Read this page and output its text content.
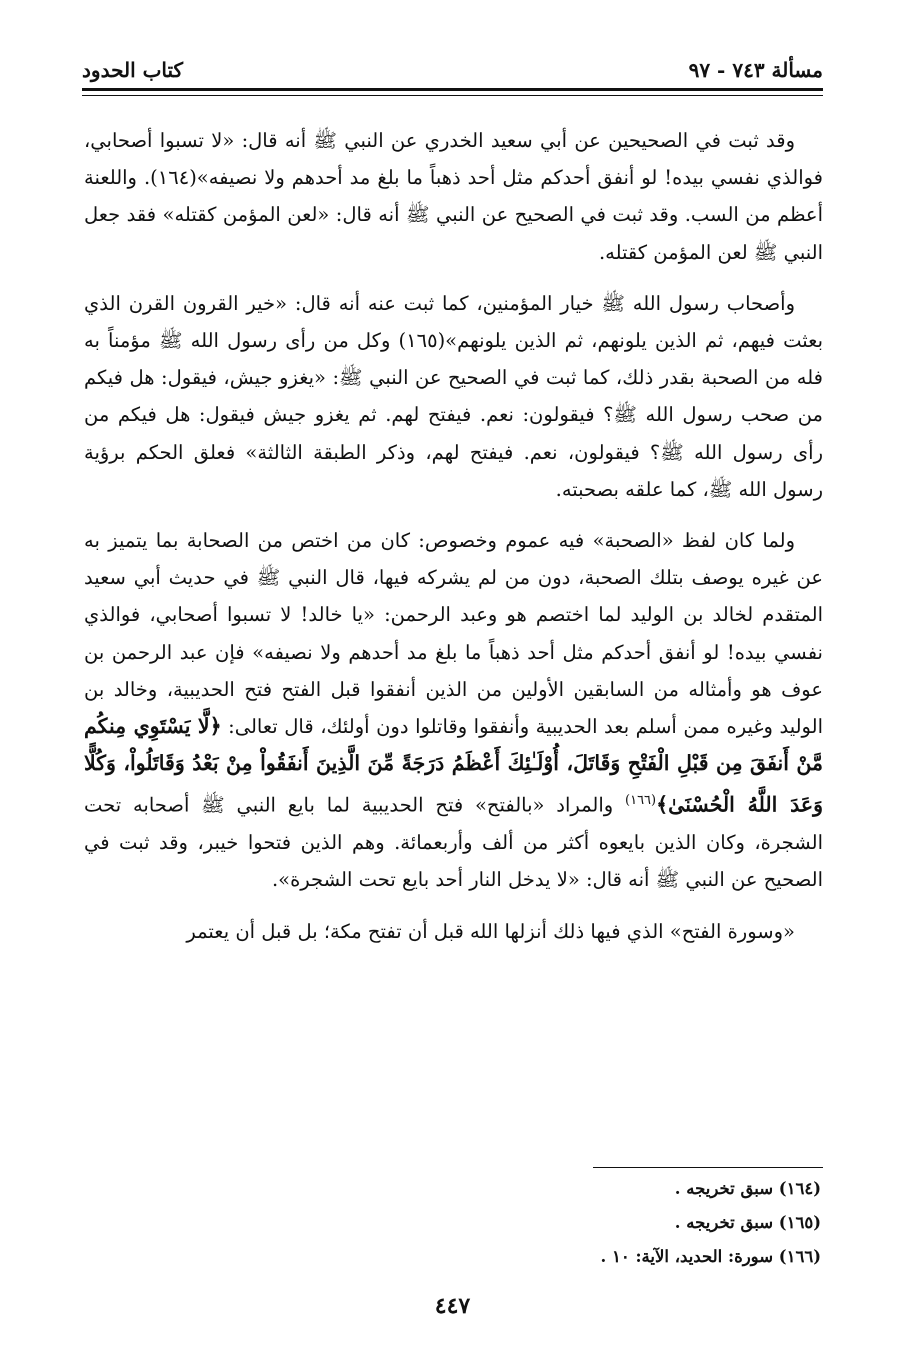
مسألة ٧٤٣ - ٩٧
كتاب الحدود

وقد ثبت في الصحيحين عن أبي سعيد الخدري عن النبي ﷺ أنه قال: «لا تسبوا أصحابي، فوالذي نفسي بيده! لو أنفق أحدكم مثل أحد ذهباً ما بلغ مد أحدهم ولا نصيفه»(١٦٤). واللعنة أعظم من السب. وقد ثبت في الصحيح عن النبي ﷺ أنه قال: «لعن المؤمن كقتله» فقد جعل النبي ﷺ لعن المؤمن كقتله.

وأصحاب رسول الله ﷺ خيار المؤمنين، كما ثبت عنه أنه قال: «خير القرون القرن الذي بعثت فيهم، ثم الذين يلونهم، ثم الذين يلونهم»(١٦٥) وكل من رأى رسول الله ﷺ مؤمناً به فله من الصحبة بقدر ذلك، كما ثبت في الصحيح عن النبي ﷺ: «يغزو جيش، فيقول: هل فيكم من صحب رسول الله ﷺ؟ فيقولون: نعم. فيفتح لهم. ثم يغزو جيش فيقول: هل فيكم من رأى رسول الله ﷺ؟ فيقولون، نعم. فيفتح لهم، وذكر الطبقة الثالثة» فعلق الحكم برؤية رسول الله ﷺ، كما علقه بصحبته.

ولما كان لفظ «الصحبة» فيه عموم وخصوص: كان من اختص من الصحابة بما يتميز به عن غيره يوصف بتلك الصحبة، دون من لم يشركه فيها، قال النبي ﷺ في حديث أبي سعيد المتقدم لخالد بن الوليد لما اختصم هو وعبد الرحمن: «يا خالد! لا تسبوا أصحابي، فوالذي نفسي بيده! لو أنفق أحدكم مثل أحد ذهباً ما بلغ مد أحدهم ولا نصيفه» فإن عبد الرحمن بن عوف هو وأمثاله من السابقين الأولين من الذين أنفقوا قبل الفتح فتح الحديبية، وخالد بن الوليد وغيره ممن أسلم بعد الحديبية وأنفقوا وقاتلوا دون أولئك، قال تعالى: ﴿لَّا يَسْتَوِي مِنكُم مَّنْ أَنفَقَ مِن قَبْلِ الْفَتْحِ وَقَاتَلَ، أُوْلَـٰئِكَ أَعْظَمُ دَرَجَةً مِّنَ الَّذِينَ أَنفَقُواْ مِنْ بَعْدُ وَقَاتَلُواْ، وَكُلًّا وَعَدَ اللَّهُ الْحُسْنَىٰ﴾$^{(١٦٦)}$ والمراد «بالفتح» فتح الحديبية لما بايع النبي ﷺ أصحابه تحت الشجرة، وكان الذين بايعوه أكثر من ألف وأربعمائة. وهم الذين فتحوا خيبر، وقد ثبت في الصحيح عن النبي ﷺ أنه قال: «لا يدخل النار أحد بايع تحت الشجرة».

«وسورة الفتح» الذي فيها ذلك أنزلها الله قبل أن تفتح مكة؛ بل قبل أن يعتمر

(١٦٤) سبق تخريجه .
(١٦٥) سبق تخريجه .
(١٦٦) سورة: الحديد، الآية: ١٠ .
٤٤٧
